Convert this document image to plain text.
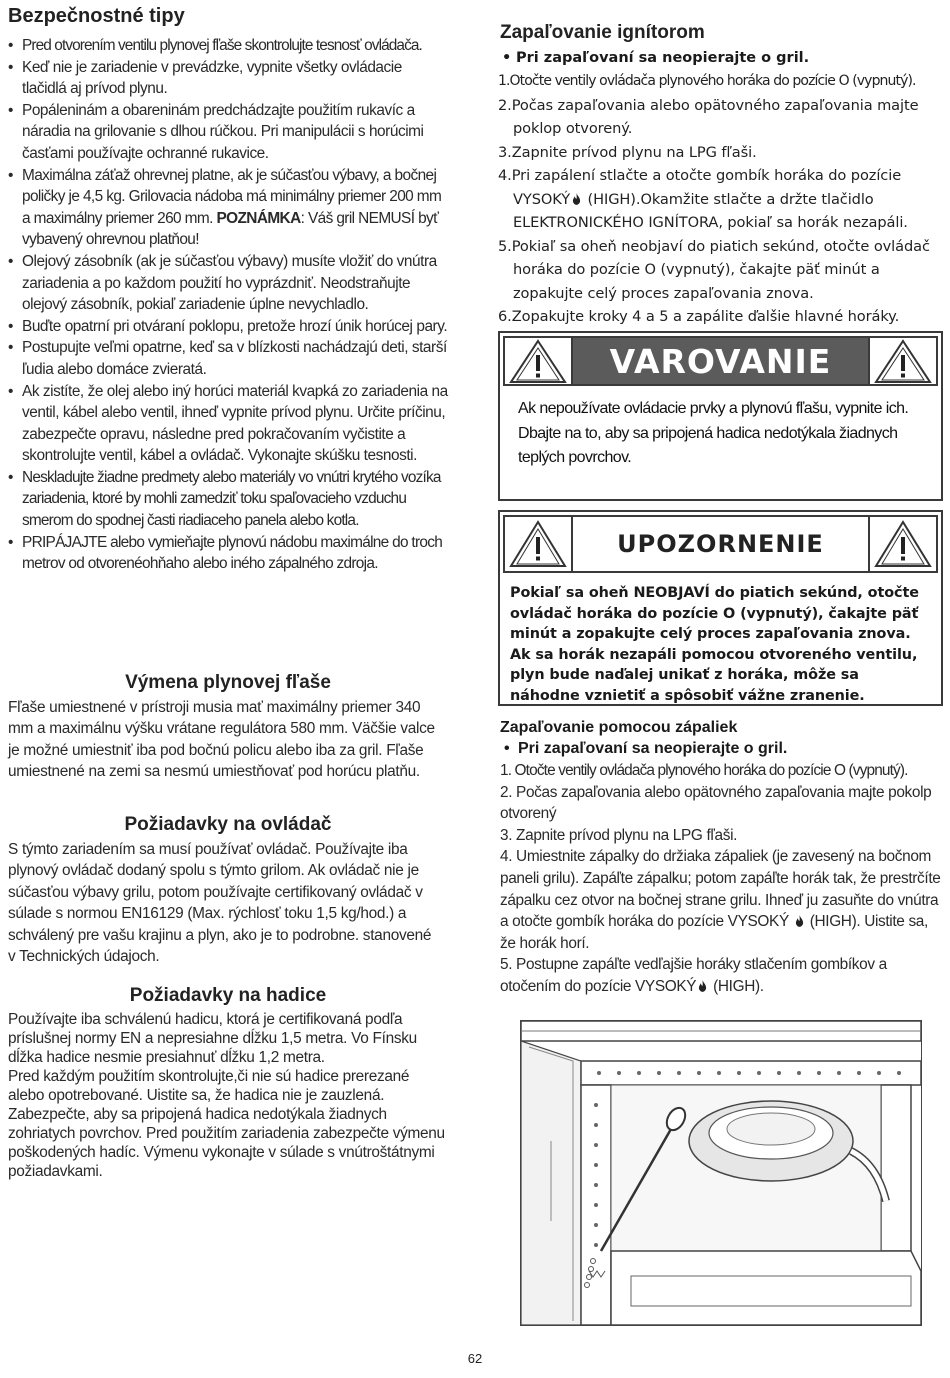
Bezpečnostné tipy
• Pred otvorením ventilu plynovej fľaše skontrolujte tesnosť ovládača.
• Keď nie je zariadenie v prevádzke, vypnite všetky ovládacie tlačidlá aj prívod plynu.
• Popáleninám a obareninám predchádzajte použitím rukavíc a náradia na grilovanie s dlhou rúčkou. Pri manipulácii s horúcimi časťami používajte ochranné rukavice.
• Maximálna záťaž ohrevnej platne, ak je súčasťou výbavy, a bočnej poličky je 4,5 kg. Grilovacia nádoba má minimálny priemer 200 mm a maximálny priemer 260 mm. POZNÁMKA: Váš gril NEMUSÍ byť vybavený ohrevnou platňou!
• Olejový zásobník (ak je súčasťou výbavy) musíte vložiť do vnútra zariadenia a po každom použití ho vyprázdniť. Neodstraňujte olejový zásobník, pokiaľ zariadenie úplne nevychladlo.
• Buďte opatrní pri otváraní poklopu, pretože hrozí únik horúcej pary.
• Postupujte veľmi opatrne, keď sa v blízkosti nachádzajú deti, starší ľudia alebo domáce zvieratá.
• Ak zistíte, že olej alebo iný horúci materiál kvapká zo zariadenia na ventil, kábel alebo ventil, ihneď vypnite prívod plynu. Určite príčinu, zabezpečte opravu, následne pred pokračovaním vyčistite a skontrolujte ventil, kábel a ovládač. Vykonajte skúšku tesnosti.
• Neskladujte žiadne predmety alebo materiály vo vnútri krytého vozíka zariadenia, ktoré by mohli zamedziť toku spaľovacieho vzduchu smerom do spodnej časti riadiaceho panela alebo kotla.
• PRIPÁJAJTE alebo vymieňajte plynovú nádobu maximálne do troch metrov od otvorenéohňaho alebo iného zápalného zdroja.
Výmena plynovej fľaše

Fľaše umiestnené v prístroji musia mať maximálny priemer 340 mm a maximálnu výšku vrátane regulátora 580 mm. Väčšie valce je možné umiestniť iba pod bočnú policu alebo iba za gril. Fľaše umiestnené na zemi sa nesmú umiestňovať pod horúcu platňu.

Požiadavky na ovládač

S týmto zariadením sa musí používať ovládač. Používajte iba plynový ovládač dodaný spolu s týmto grilom. Ak ovládač nie je súčasťou výbavy grilu, potom používajte certifikovaný ovládač v súlade s normou EN16129 (Max. rýchlosť toku 1,5 kg/hod.) a schválený pre vašu krajinu a plyn, ako je to podrobne. stanovené v Technických údajoch.

Požiadavky na hadice

Používajte iba schválenú hadicu, ktorá je certifikovaná podľa príslušnej normy EN a nepresiahne dĺžku 1,5 metra. Vo Fínsku dĺžka hadice nesmie presiahnuť dĺžku 1,2 metra.
Pred každým použitím skontrolujte,či nie sú hadice prerezané alebo opotrebované. Uistite sa, že hadica nie je zauzlená. Zabezpečte, aby sa pripojená hadica nedotýkala žiadnych zohriatych povrchov. Pred použitím zariadenia zabezpečte výmenu poškodených hadíc. Výmenu vykonajte v súlade s vnútroštátnymi požiadavkami.

Zapaľovanie ignítorom

• Pri zapaľovaní sa neopierajte o gril.

1.Otočte ventily ovládača plynového horáka do pozície O (vypnutý).
2.Počas zapaľovania alebo opätovného zapaľovania majte poklop otvorený.
3.Zapnite prívod plynu na LPG fľaši.
4.Pri zapálení stlačte a otočte gombík horáka do pozície VYSOKÝ (HIGH).Okamžite stlačte a držte tlačidlo ELEKTRONICKÉHO IGNÍTORA, pokiaľ sa horák nezapáli.
5.Pokiaľ sa oheň neobjaví do piatich sekúnd, otočte ovládač horáka do pozície O (vypnutý), čakajte päť minút a zopakujte celý proces zapaľovania znova.
6.Zopakujte kroky 4 a 5 a zapálite ďalšie hlavné horáky.
VAROVANIE
Ak nepoužívate ovládacie prvky a plynovú fľašu, vypnite ich.
Dbajte na to, aby sa pripojená hadica nedotýkala žiadnych teplých povrchov.
UPOZORNENIE
Pokiaľ sa oheň NEOBJAVÍ do piatich sekúnd, otočte ovládač horáka do pozície O (vypnutý), čakajte päť minút a zopakujte celý proces zapaľovania znova. Ak sa horák nezapáli pomocou otvoreného ventilu, plyn bude naďalej unikať z horáka, môže sa náhodne vznietiť a spôsobiť vážne zranenie.
Zapaľovanie pomocou zápaliek

• Pri zapaľovaní sa neopierajte o gril.

1. Otočte ventily ovládača plynového horáka do pozície O (vypnutý).
2. Počas zapaľovania alebo opätovného zapaľovania majte pokolp otvorený
3. Zapnite prívod plynu na LPG fľaši.
4. Umiestnite zápalky do držiaka zápaliek (je zavesený na bočnom paneli grilu). Zapáľte zápalku; potom zapáľte horák tak, že prestrčíte zápalku cez otvor na bočnej strane grilu. Ihneď ju zasuňte do vnútra a otočte gombík horáka do pozície VYSOKÝ  (HIGH). Uistite sa, že horák horí.
5. Postupne zapáľte vedľajšie horáky stlačením gombíkov a otočením do pozície VYSOKÝ (HIGH).
62
